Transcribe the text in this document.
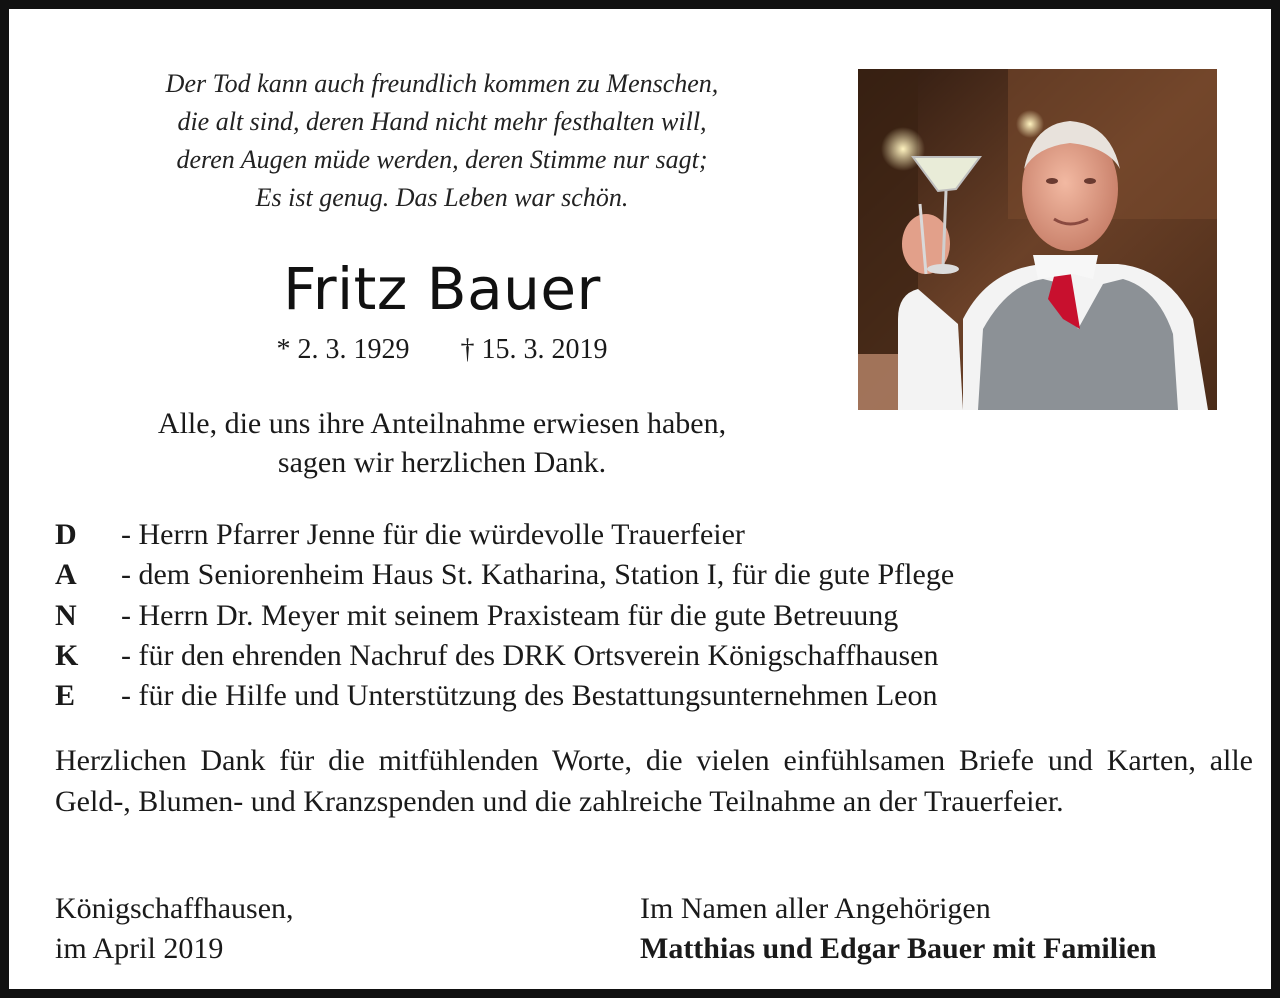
Der Tod kann auch freundlich kommen zu Menschen,
die alt sind, deren Hand nicht mehr festhalten will,
deren Augen müde werden, deren Stimme nur sagt;
Es ist genug. Das Leben war schön.
Fritz Bauer
* 2. 3. 1929 † 15. 3. 2019
Alle, die uns ihre Anteilnahme erwiesen haben,
sagen wir herzlichen Dank.
D - Herrn Pfarrer Jenne für die würdevolle Trauerfeier
A - dem Seniorenheim Haus St. Katharina, Station I, für die gute Pflege
N - Herrn Dr. Meyer mit seinem Praxisteam für die gute Betreuung
K - für den ehrenden Nachruf des DRK Ortsverein Königschaffhausen
E - für die Hilfe und Unterstützung des Bestattungsunternehmen Leon
Herzlichen Dank für die mitfühlenden Worte, die vielen einfühlsamen Briefe und Karten, alle Geld-, Blumen- und Kranzspenden und die zahlreiche Teilnahme an der Trauerfeier.
Königschaffhausen,
im April 2019
Im Namen aller Angehörigen
Matthias und Edgar Bauer mit Familien
